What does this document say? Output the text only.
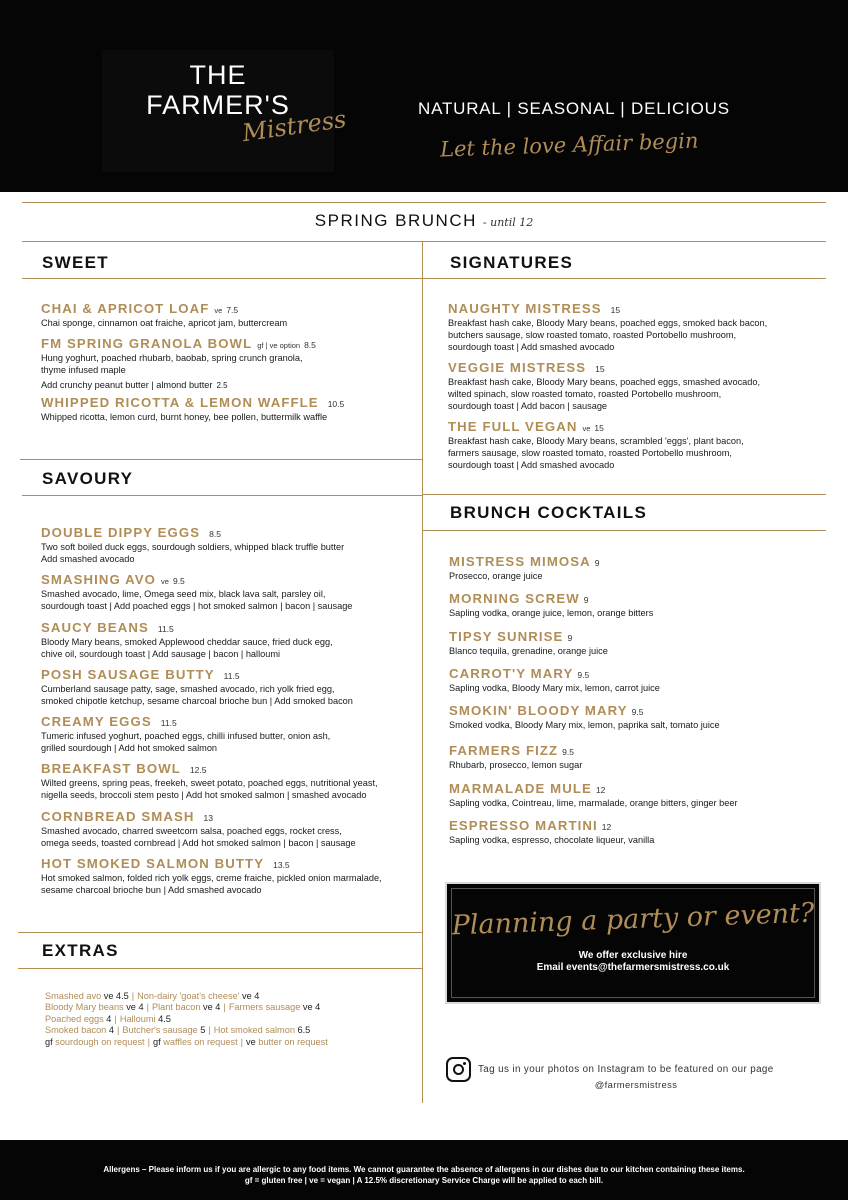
THE
FARMER'S
Mistress	NATURAL | SEASONAL | DELICIOUS
Let the love Affair begin
SPRING BRUNCH - until 12
SWEET	SIGNATURES
SAVOURY
BRUNCH COCKTAILS
EXTRAS
CHAI & APRICOT LOAF ve 7.5
Chai sponge, cinnamon oat fraiche, apricot jam, buttercream
FM SPRING GRANOLA BOWL gf | ve option 8.5
Hung yoghurt, poached rhubarb, baobab, spring crunch granola,
thyme infused maple
Add crunchy peanut butter | almond butter 2.5
WHIPPED RICOTTA & LEMON WAFFLE 10.5
Whipped ricotta, lemon curd, burnt honey, bee pollen, buttermilk waffle
DOUBLE DIPPY EGGS 8.5
Two soft boiled duck eggs, sourdough soldiers, whipped black truffle butter
Add smashed avocado
SMASHING AVO ve 9.5
Smashed avocado, lime, Omega seed mix, black lava salt, parsley oil,
sourdough toast | Add poached eggs | hot smoked salmon | bacon | sausage
SAUCY BEANS 11.5
Bloody Mary beans, smoked Applewood cheddar sauce, fried duck egg,
chive oil, sourdough toast | Add sausage | bacon | halloumi
POSH SAUSAGE BUTTY 11.5
Cumberland sausage patty, sage, smashed avocado, rich yolk fried egg,
smoked chipotle ketchup, sesame charcoal brioche bun | Add smoked bacon
CREAMY EGGS 11.5
Tumeric infused yoghurt, poached eggs, chilli infused butter, onion ash,
grilled sourdough | Add hot smoked salmon
BREAKFAST BOWL 12.5
Wilted greens, spring peas, freekeh, sweet potato, poached eggs, nutritional yeast,
nigella seeds, broccoli stem pesto | Add hot smoked salmon | smashed avocado
CORNBREAD SMASH 13
Smashed avocado, charred sweetcorn salsa, poached eggs, rocket cress,
omega seeds, toasted cornbread | Add hot smoked salmon | bacon | sausage
HOT SMOKED SALMON BUTTY 13.5
Hot smoked salmon, folded rich yolk eggs, creme fraiche, pickled onion marmalade,
sesame charcoal brioche bun | Add smashed avocado
Smashed avo ve 4.5 | Non-dairy 'goat's cheese' ve 4
Bloody Mary beans ve 4 | Plant bacon ve 4 | Farmers sausage ve 4
Poached eggs 4 | Halloumi 4.5
Smoked bacon 4 | Butcher's sausage 5 | Hot smoked salmon 6.5
gf sourdough on request | gf waffles on request | ve butter on request
NAUGHTY MISTRESS 15
Breakfast hash cake, Bloody Mary beans, poached eggs, smoked back bacon,
butchers sausage, slow roasted tomato, roasted Portobello mushroom,
sourdough toast | Add smashed avocado
VEGGIE MISTRESS 15
Breakfast hash cake, Bloody Mary beans, poached eggs, smashed avocado,
wilted spinach, slow roasted tomato, roasted Portobello mushroom,
sourdough toast | Add bacon | sausage
THE FULL VEGAN ve 15
Breakfast hash cake, Bloody Mary beans, scrambled 'eggs', plant bacon,
farmers sausage, slow roasted tomato, roasted Portobello mushroom,
sourdough toast | Add smashed avocado
MISTRESS MIMOSA 9
Prosecco, orange juice
MORNING SCREW 9
Sapling vodka, orange juice, lemon, orange bitters
TIPSY SUNRISE 9
Blanco tequila, grenadine, orange juice
CARROT'Y MARY 9.5
Sapling vodka, Bloody Mary mix, lemon, carrot juice
SMOKIN' BLOODY MARY 9.5
Smoked vodka, Bloody Mary mix, lemon, paprika salt, tomato juice
FARMERS FIZZ 9.5
Rhubarb, prosecco, lemon sugar
MARMALADE MULE 12
Sapling vodka, Cointreau, lime, marmalade, orange bitters, ginger beer
ESPRESSO MARTINI 12
Sapling vodka, espresso, chocolate liqueur, vanilla
Planning a party or event?
We offer exclusive hire
Email events@thefarmersmistress.co.uk
Tag us in your photos on Instagram to be featured on our page
@farmersmistress
Allergens – Please inform us if you are allergic to any food items. We cannot guarantee the absence of allergens in our dishes due to our kitchen containing these items.
gf = gluten free | ve = vegan | A 12.5% discretionary Service Charge will be applied to each bill.
